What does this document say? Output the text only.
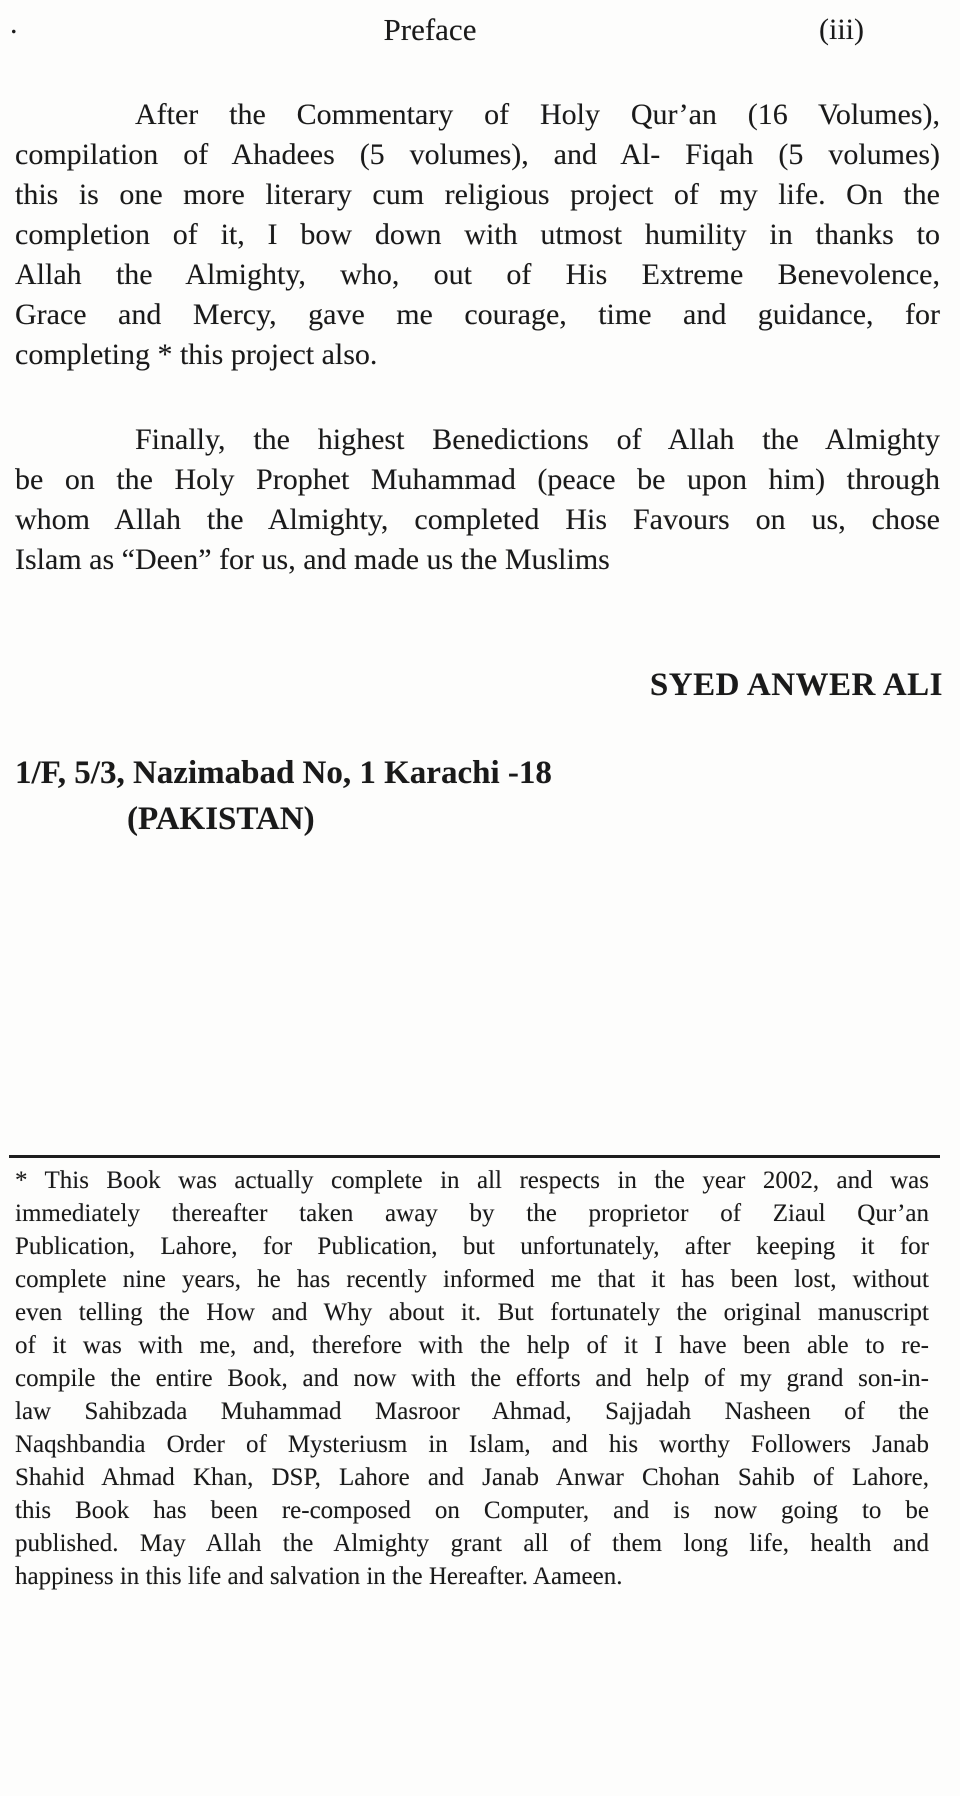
.	Preface	(iii)
After the Commentary of Holy Qur’an (16 Volumes),
compilation of Ahadees (5 volumes), and Al- Fiqah (5 volumes)
this is one more literary cum religious project of my life. On the
completion of it, I bow down with utmost humility in thanks to
Allah the Almighty, who, out of His Extreme Benevolence,
Grace and Mercy, gave me courage, time and guidance, for
completing * this project also.
Finally, the highest Benedictions of Allah the Almighty
be on the Holy Prophet Muhammad (peace be upon him) through
whom Allah the Almighty, completed His Favours on us, chose
Islam as “Deen” for us, and made us the Muslims
SYED ANWER ALI
1/F, 5/3, Nazimabad No, 1 Karachi -18
(PAKISTAN)
* This Book was actually complete in all respects in the year 2002, and was
immediately thereafter taken away by the proprietor of Ziaul Qur’an
Publication, Lahore, for Publication, but unfortunately, after keeping it for
complete nine years, he has recently informed me that it has been lost, without
even telling the How and Why about it. But fortunately the original manuscript
of it was with me, and, therefore with the help of it I have been able to re-
compile the entire Book, and now with the efforts and help of my grand son-in-
law Sahibzada Muhammad Masroor Ahmad, Sajjadah Nasheen of the
Naqshbandia Order of Mysteriusm in Islam, and his worthy Followers Janab
Shahid Ahmad Khan, DSP, Lahore and Janab Anwar Chohan Sahib of Lahore,
this Book has been re-composed on Computer, and is now going to be
published. May Allah the Almighty grant all of them long life, health and
happiness in this life and salvation in the Hereafter. Aameen.
